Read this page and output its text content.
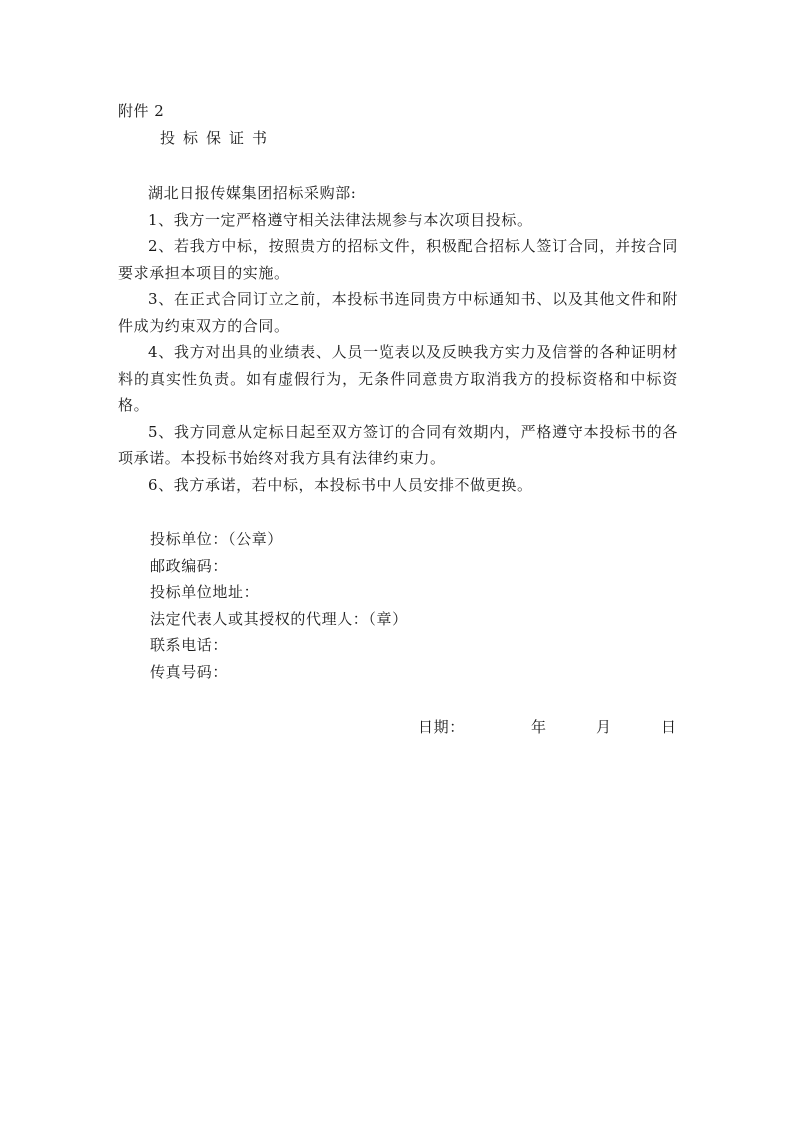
附件 2
投标保证书

湖北日报传媒集团招标采购部:

1、我方一定严格遵守相关法律法规参与本次项目投标。

2、若我方中标，按照贵方的招标文件，积极配合招标人签订合同，并按合同要求承担本项目的实施。

3、在正式合同订立之前，本投标书连同贵方中标通知书、以及其他文件和附件成为约束双方的合同。

4、我方对出具的业绩表、人员一览表以及反映我方实力及信誉的各种证明材料的真实性负责。如有虚假行为，无条件同意贵方取消我方的投标资格和中标资格。

5、我方同意从定标日起至双方签订的合同有效期内，严格遵守本投标书的各项承诺。本投标书始终对我方具有法律约束力。

6、我方承诺，若中标，本投标书中人员安排不做更换。

投标单位：（公章）
邮政编码：
投标单位地址：
法定代表人或其授权的代理人：（章）
联系电话：
传真号码：
日期：	年	月	日
